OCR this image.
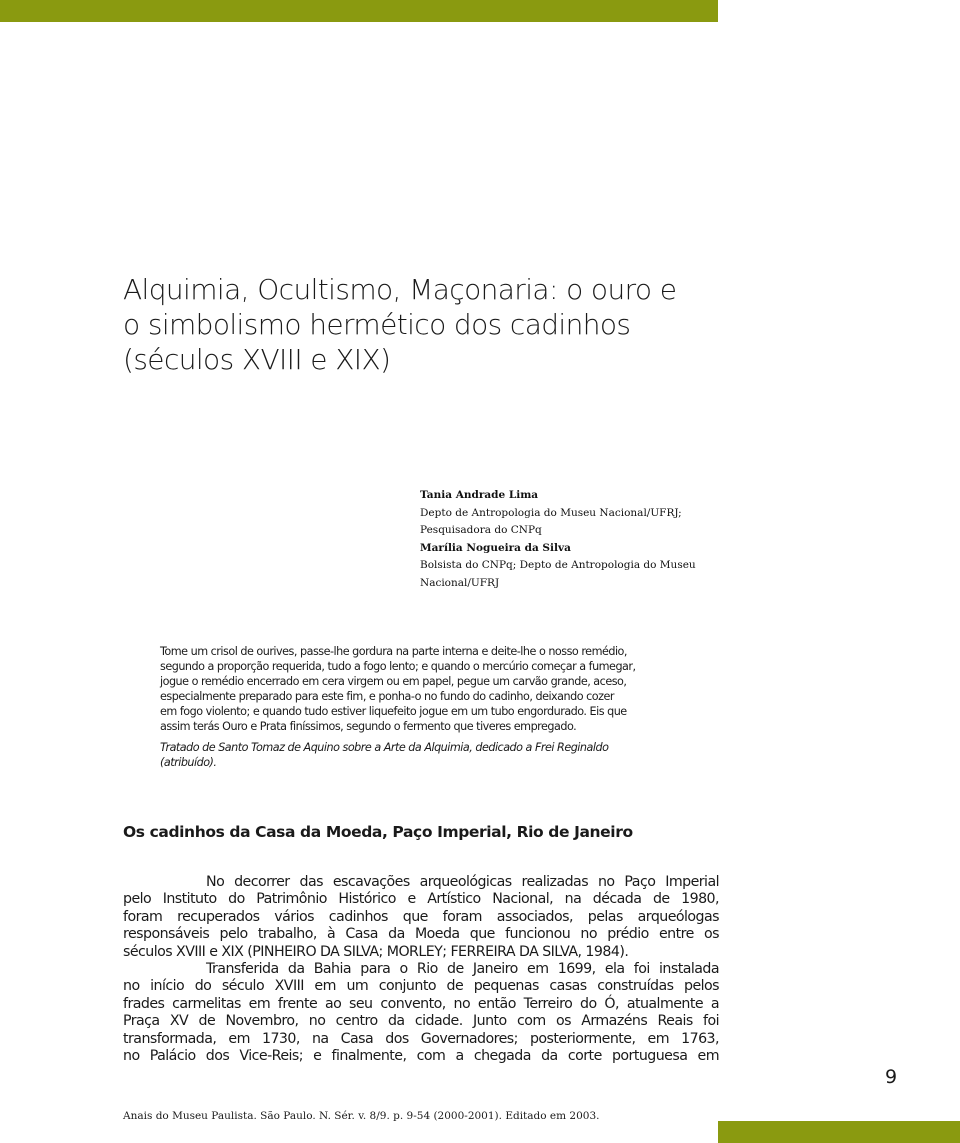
Alquimia, Ocultismo, Maçonaria: o ouro e
o simbolismo hermético dos cadinhos
(séculos XVIII e XIX)
Tania Andrade Lima
Depto de Antropologia do Museu Nacional/UFRJ;
Pesquisadora do CNPq
Marília Nogueira da Silva
Bolsista do CNPq; Depto de Antropologia do Museu
Nacional/UFRJ
Tome um crisol de ourives, passe-lhe gordura na parte interna e deite-lhe o nosso remédio,
segundo a proporção requerida, tudo a fogo lento; e quando o mercúrio começar a fumegar,
jogue o remédio encerrado em cera virgem ou em papel, pegue um carvão grande, aceso,
especialmente preparado para este fim, e ponha-o no fundo do cadinho, deixando cozer
em fogo violento; e quando tudo estiver liquefeito jogue em um tubo engordurado. Eis que
assim terás Ouro e Prata finíssimos, segundo o fermento que tiveres empregado.
Tratado de Santo Tomaz de Aquino sobre a Arte da Alquimia, dedicado a Frei Reginaldo
(atribuído).
Os cadinhos da Casa da Moeda, Paço Imperial, Rio de Janeiro
No decorrer das escavações arqueológicas realizadas no Paço Imperial
pelo Instituto do Patrimônio Histórico e Artístico Nacional, na década de 1980,
foram recuperados vários cadinhos que foram associados, pelas arqueólogas
responsáveis pelo trabalho, à Casa da Moeda que funcionou no prédio entre os
séculos XVIII e XIX (PINHEIRO DA SILVA; MORLEY; FERREIRA DA SILVA, 1984).
Transferida da Bahia para o Rio de Janeiro em 1699, ela foi instalada
no início do século XVIII em um conjunto de pequenas casas construídas pelos
frades carmelitas em frente ao seu convento, no então Terreiro do Ó, atualmente a
Praça XV de Novembro, no centro da cidade. Junto com os Armazéns Reais foi
transformada, em 1730, na Casa dos Governadores; posteriormente, em 1763,
no Palácio dos Vice-Reis; e finalmente, com a chegada da corte portuguesa em
9
Anais do Museu Paulista. São Paulo. N. Sér. v. 8/9. p. 9-54 (2000-2001). Editado em 2003.
